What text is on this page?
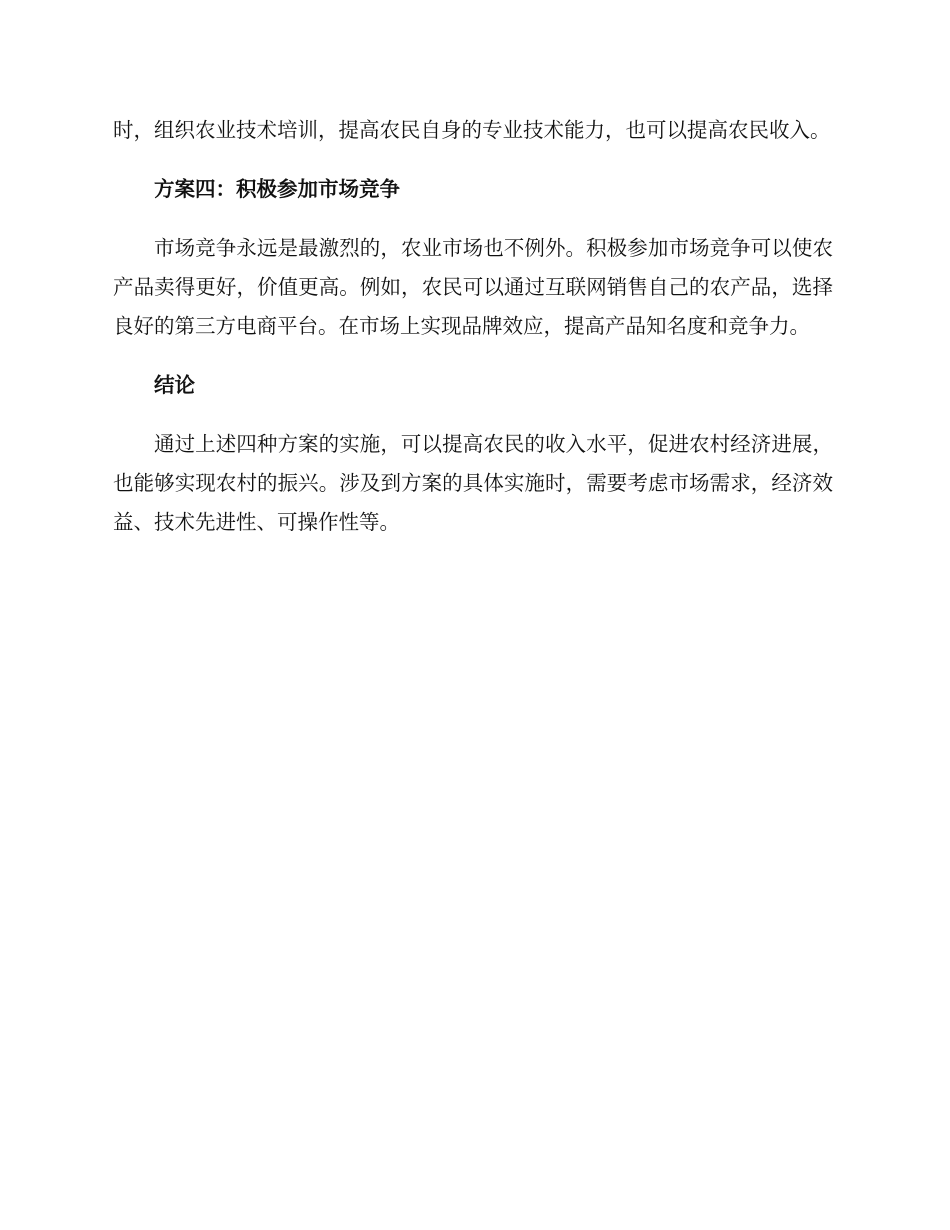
时，组织农业技术培训，提高农民自身的专业技术能力，也可以提高农民收入。

方案四：积极参加市场竞争

市场竞争永远是最激烈的，农业市场也不例外。积极参加市场竞争可以使农产品卖得更好，价值更高。例如，农民可以通过互联网销售自己的农产品，选择良好的第三方电商平台。在市场上实现品牌效应，提高产品知名度和竞争力。

结论

通过上述四种方案的实施，可以提高农民的收入水平，促进农村经济进展，也能够实现农村的振兴。涉及到方案的具体实施时，需要考虑市场需求，经济效益、技术先进性、可操作性等。
